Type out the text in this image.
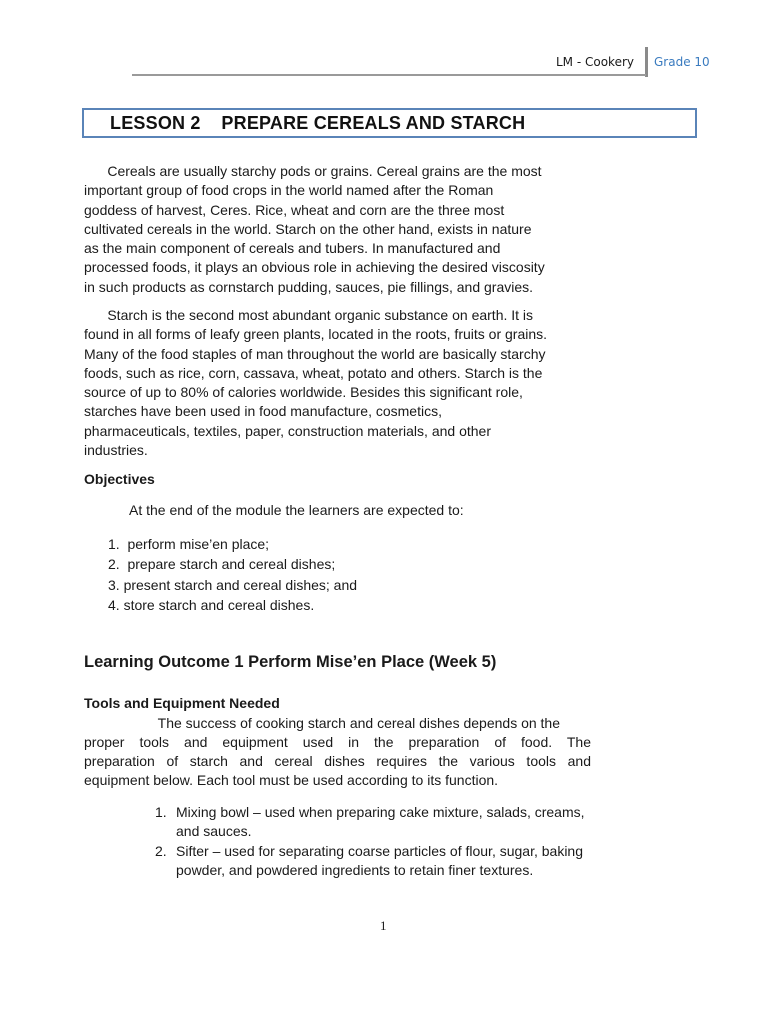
LM - Cookery Grade 10
LESSON 2    PREPARE CEREALS AND STARCH
Cereals are usually starchy pods or grains. Cereal grains are the most
important group of food crops in the world named after the Roman
goddess of harvest, Ceres. Rice, wheat and corn are the three most
cultivated cereals in the world. Starch on the other hand, exists in nature
as the main component of cereals and tubers. In manufactured and
processed foods, it plays an obvious role in achieving the desired viscosity
in such products as cornstarch pudding, sauces, pie fillings, and gravies.
Starch is the second most abundant organic substance on earth. It is
found in all forms of leafy green plants, located in the roots, fruits or grains.
Many of the food staples of man throughout the world are basically starchy
foods, such as rice, corn, cassava, wheat, potato and others. Starch is the
source of up to 80% of calories worldwide. Besides this significant role,
starches have been used in food manufacture, cosmetics,
pharmaceuticals, textiles, paper, construction materials, and other
industries.
Objectives
At the end of the module the learners are expected to:
1.  perform mise’en place;
2.  prepare starch and cereal dishes;
3. present starch and cereal dishes; and
4. store starch and cereal dishes.
Learning Outcome 1 Perform Mise’en Place (Week 5)
Tools and Equipment Needed
The success of cooking starch and cereal dishes depends on the
proper tools and equipment used in the preparation of food. The
preparation of starch and cereal dishes requires the various tools and
equipment below. Each tool must be used according to its function.
1. Mixing bowl – used when preparing cake mixture, salads, creams,
and sauces.
2. Sifter – used for separating coarse particles of flour, sugar, baking
powder, and powdered ingredients to retain finer textures.
1
